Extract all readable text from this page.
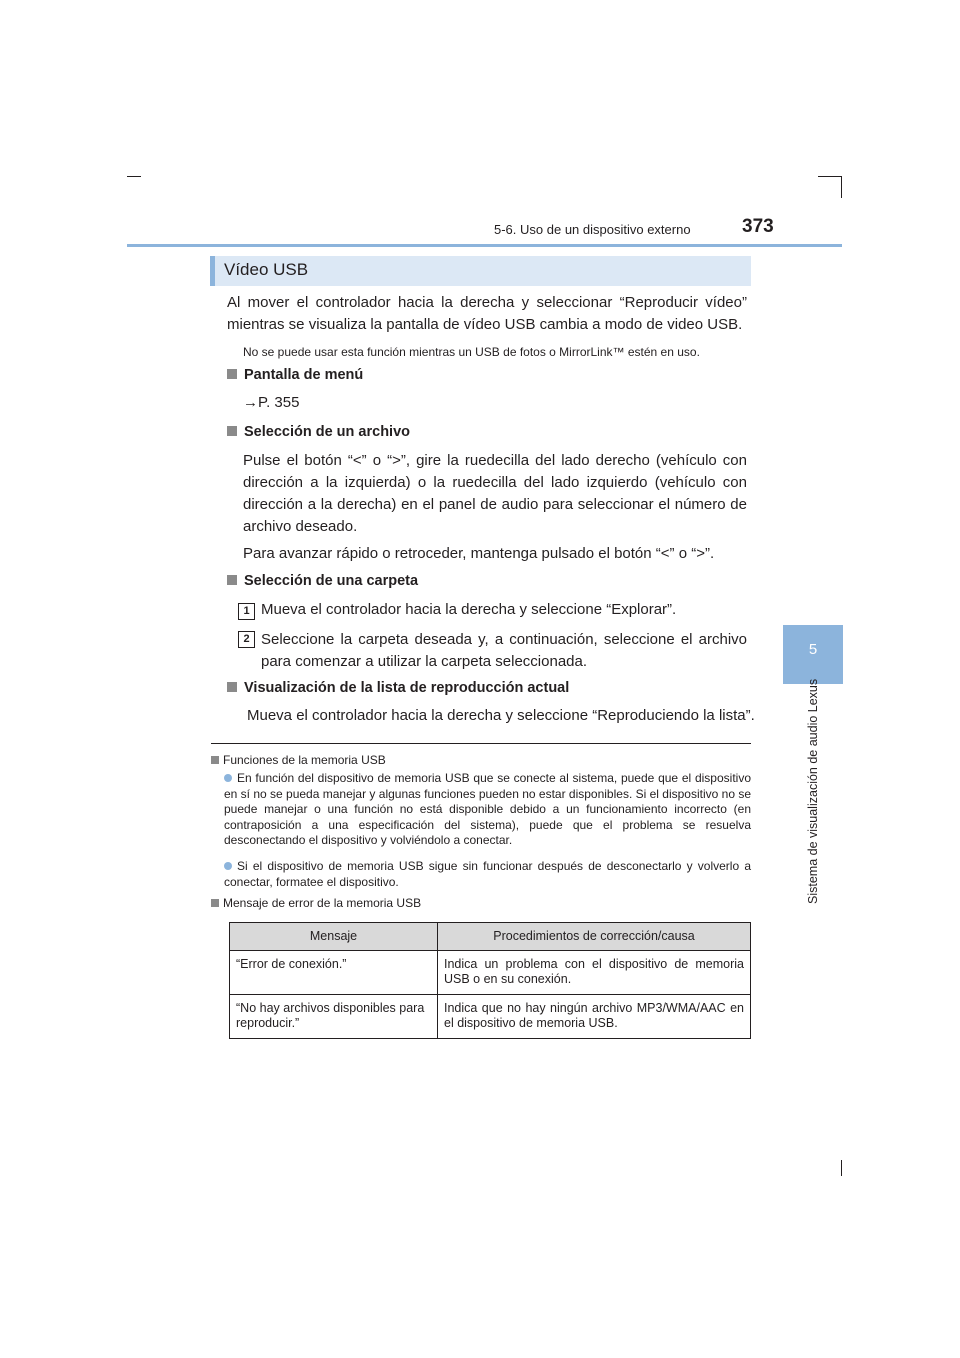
5-6. Uso de un dispositivo externo	373
5
Sistema de visualización de audio Lexus
Vídeo USB
Al mover el controlador hacia la derecha y seleccionar “Reproducir vídeo” mientras se visualiza la pantalla de vídeo USB cambia a modo de video USB.
No se puede usar esta función mientras un USB de fotos o MirrorLink™ estén en uso.
Pantalla de menú
→P. 355
Selección de un archivo
Pulse el botón “<” o “>”, gire la ruedecilla del lado derecho (vehículo con dirección a la izquierda) o la ruedecilla del lado izquierdo (vehículo con dirección a la derecha) en el panel de audio para seleccionar el número de archivo deseado.
Para avanzar rápido o retroceder, mantenga pulsado el botón “<” o “>”.
Selección de una carpeta
1 Mueva el controlador hacia la derecha y seleccione “Explorar”.
2 Seleccione la carpeta deseada y, a continuación, seleccione el archivo para comenzar a utilizar la carpeta seleccionada.
Visualización de la lista de reproducción actual
Mueva el controlador hacia la derecha y seleccione “Reproduciendo la lista”.
Funciones de la memoria USB
En función del dispositivo de memoria USB que se conecte al sistema, puede que el dispositivo en sí no se pueda manejar y algunas funciones pueden no estar disponibles. Si el dispositivo no se puede manejar o una función no está disponible debido a un funcionamiento incorrecto (en contraposición a una especificación del sistema), puede que el problema se resuelva desconectando el dispositivo y volviéndolo a conectar.
Si el dispositivo de memoria USB sigue sin funcionar después de desconectarlo y volverlo a conectar, formatee el dispositivo.
Mensaje de error de la memoria USB
Mensaje	Procedimientos de corrección/causa
“Error de conexión.”	Indica un problema con el dispositivo de memoria USB o en su conexión.
“No hay archivos disponibles para reproducir.”	Indica que no hay ningún archivo MP3/WMA/AAC en el dispositivo de memoria USB.
